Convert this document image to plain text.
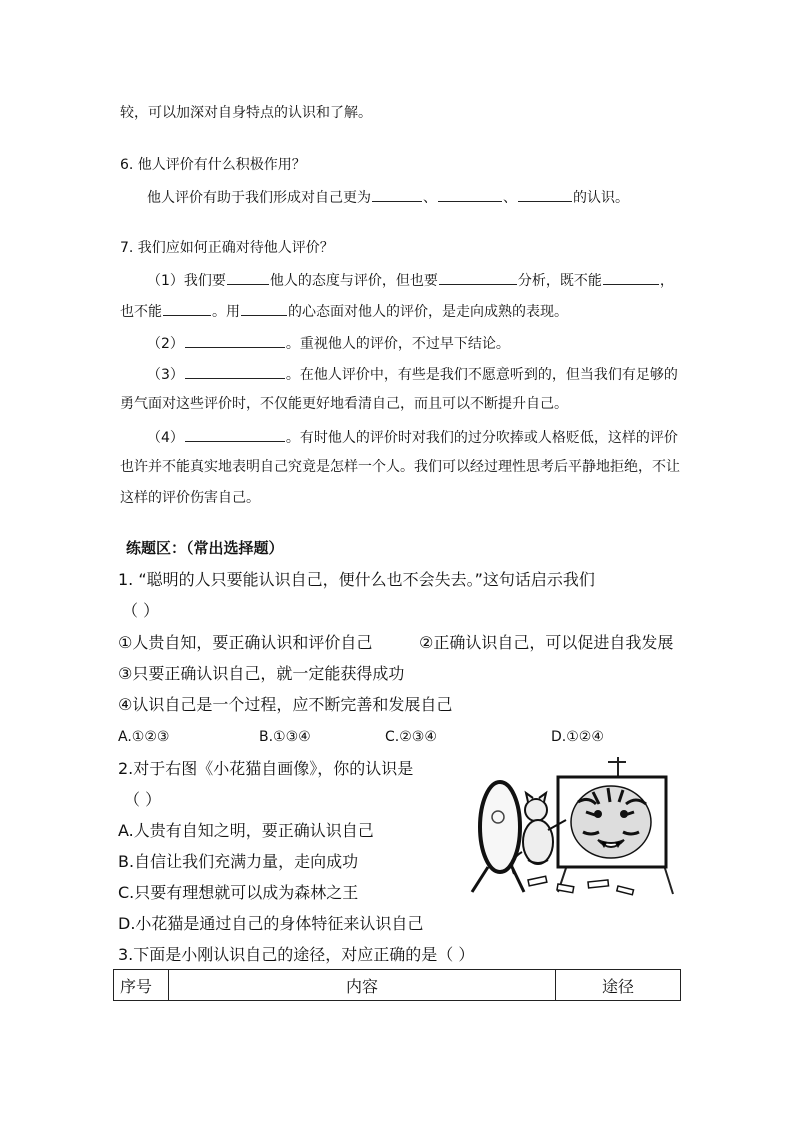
较，可以加深对自身特点的认识和了解。
6. 他人评价有什么积极作用？
他人评价有助于我们形成对自己更为	、	、	的认识。
7. 我们应如何正确对待他人评价？
（1）我们要	他人的态度与评价，但也要	分析，既不能	，
也不能	。用	的心态面对他人的评价，是走向成熟的表现。
（2）	。重视他人的评价，不过早下结论。
（3）	。在他人评价中，有些是我们不愿意听到的，但当我们有足够的
勇气面对这些评价时，不仅能更好地看清自己，而且可以不断提升自己。
（4）	。有时他人的评价时对我们的过分吹捧或人格贬低，这样的评价
也许并不能真实地表明自己究竟是怎样一个人。我们可以经过理性思考后平静地拒绝，不让
这样的评价伤害自己。
练题区：（常出选择题）
1. “聪明的人只要能认识自己，便什么也不会失去。”这句话启示我们
（ ）
①人贵自知，要正确认识和评价自己	②正确认识自己，可以促进自我发展
③只要正确认识自己，就一定能获得成功
④认识自己是一个过程，应不断完善和发展自己
A.①②③	B.①③④	C.②③④	D.①②④
2.对于右图《小花猫自画像》，你的认识是
（ ）
A.人贵有自知之明，要正确认识自己
B.自信让我们充满力量，走向成功
C.只要有理想就可以成为森林之王
D.小花猫是通过自己的身体特征来认识自己
3.下面是小刚认识自己的途径，对应正确的是（ ）
序号	内容	途径
